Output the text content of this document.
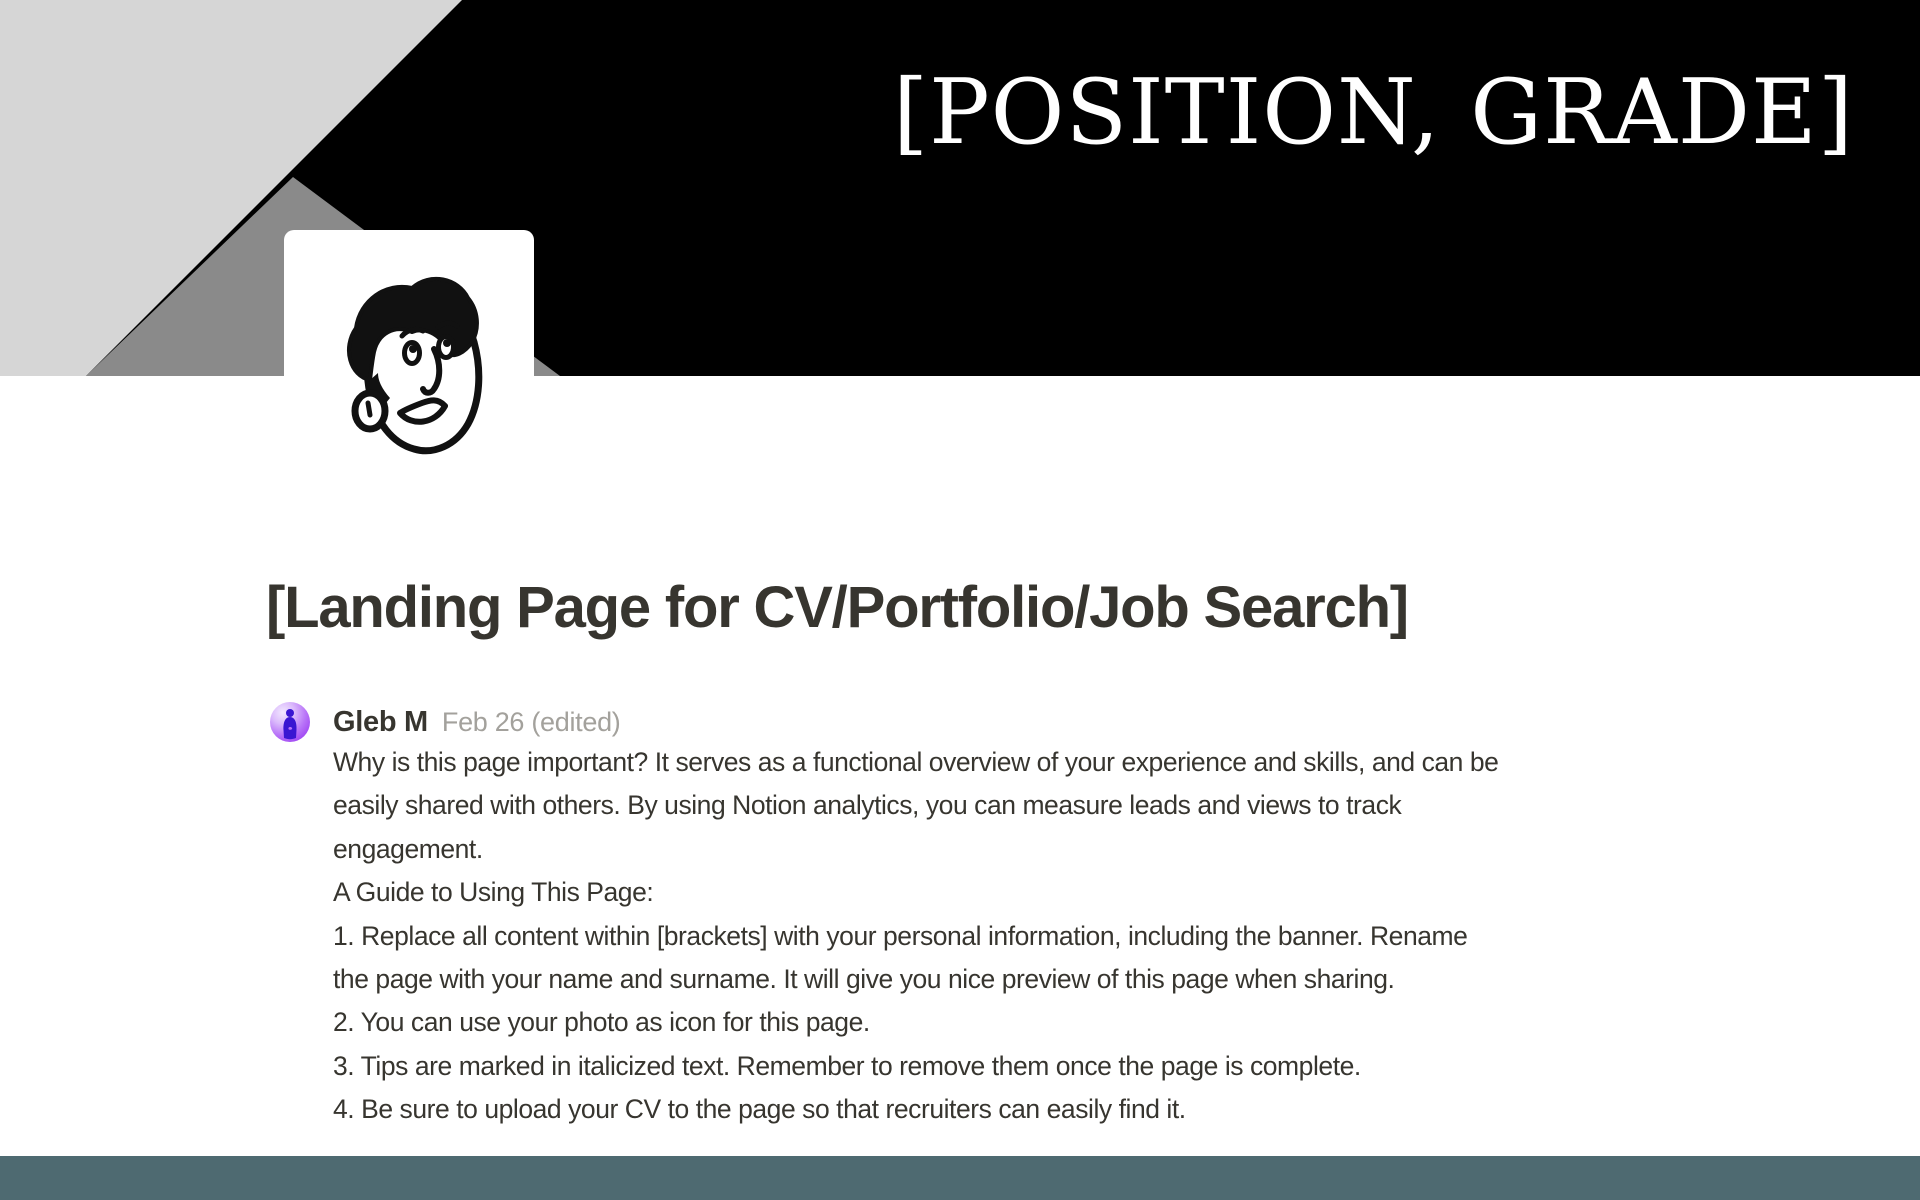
[POSITION, GRADE]
[Landing Page for CV/Portfolio/Job Search]
Gleb M Feb 26 (edited)
Why is this page important? It serves as a functional overview of your experience and skills, and can be
easily shared with others. By using Notion analytics, you can measure leads and views to track
engagement.
A Guide to Using This Page:
1. Replace all content within [brackets] with your personal information, including the banner. Rename
the page with your name and surname. It will give you nice preview of this page when sharing.
2. You can use your photo as icon for this page.
3. Tips are marked in italicized text. Remember to remove them once the page is complete.
4. Be sure to upload your CV to the page so that recruiters can easily find it.
